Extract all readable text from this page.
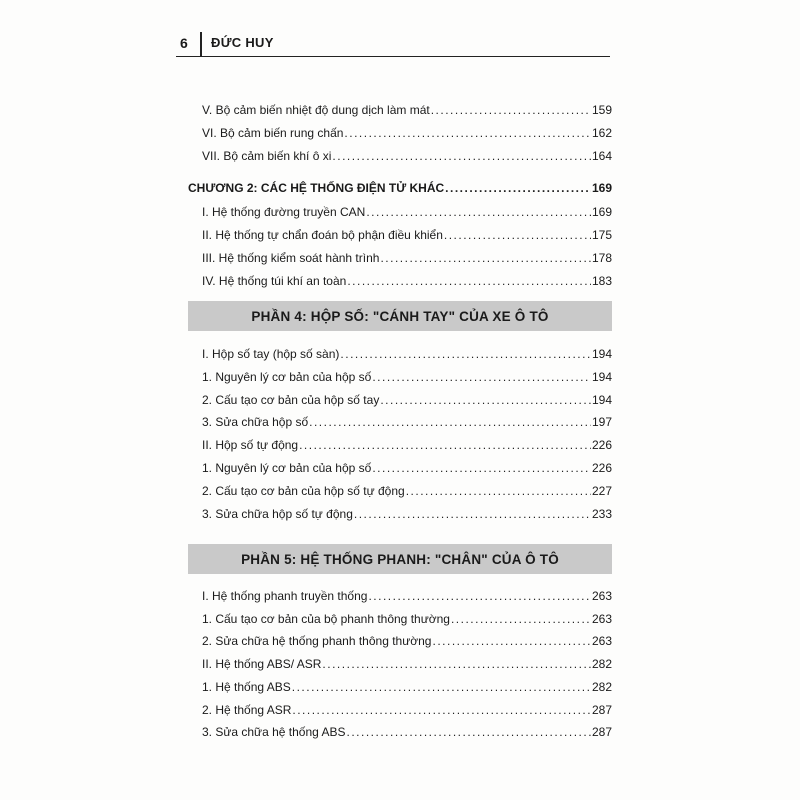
6 ĐỨC HUY
V. Bộ cảm biến nhiệt độ dung dịch làm mát .....	159
VI. Bộ cảm biến rung chấn .....	162
VII. Bộ cảm biến khí ô xi .....	164
CHƯƠNG 2: CÁC HỆ THỐNG ĐIỆN TỬ KHÁC .....	169
I. Hệ thống đường truyền CAN .....	169
II. Hệ thống tự chẩn đoán bộ phận điều khiển .....	175
III. Hệ thống kiểm soát hành trình .....	178
IV. Hệ thống túi khí an toàn .....	183
PHẦN 4: HỘP SỐ: "CÁNH TAY" CỦA XE Ô TÔ
I. Hộp số tay (hộp số sàn) .....	194
1. Nguyên lý cơ bản của hộp số .....	194
2. Cấu tạo cơ bản của hộp số tay .....	194
3. Sửa chữa hộp số .....	197
II. Hộp số tự động .....	226
1. Nguyên lý cơ bản của hộp số .....	226
2. Cấu tạo cơ bản của hộp số tự động .....	227
3. Sửa chữa hộp số tự động .....	233
PHẦN 5: HỆ THỐNG PHANH: "CHÂN" CỦA Ô TÔ
I. Hệ thống phanh truyền thống .....	263
1. Cấu tạo cơ bản của bộ phanh thông thường .....	263
2. Sửa chữa hệ thống phanh thông thường .....	263
II. Hệ thống ABS/ ASR .....	282
1. Hệ thống ABS .....	282
2. Hệ thống ASR .....	287
3. Sửa chữa hệ thống ABS .....	287
